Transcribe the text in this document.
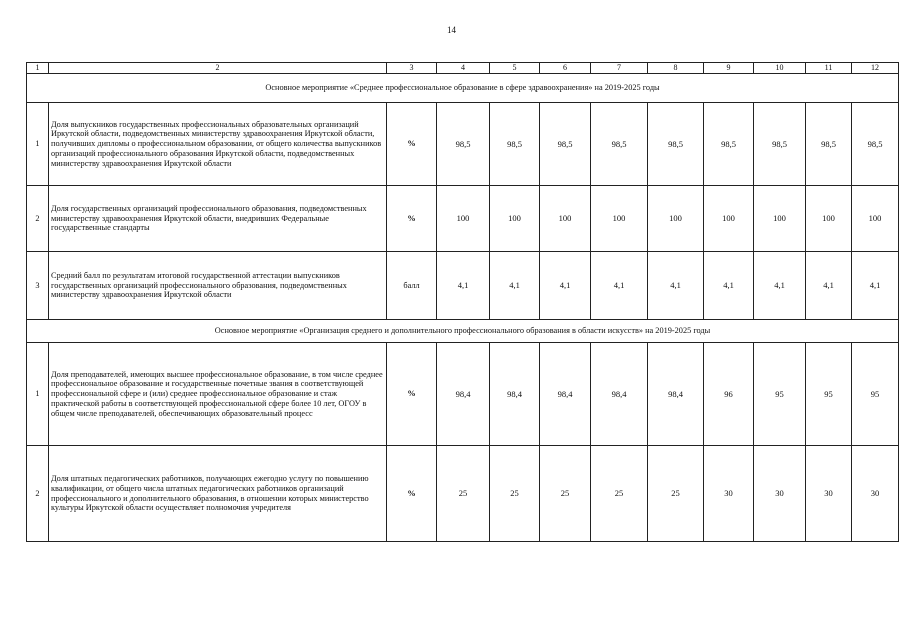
14
1	2	3	4	5	6	7	8	9	10	11	12
Основное мероприятие «Среднее профессиональное образование в сфере здравоохранения» на 2019-2025 годы											
1	Доля выпускников государственных профессиональных образовательных организаций Иркутской области, подведомственных министерству здравоохранения Иркутской области, получивших дипломы о профессиональном образовании, от общего количества выпускников организаций профессионального образования Иркутской области, подведомственных министерству здравоохранения Иркутской области	%	98,5	98,5	98,5	98,5	98,5	98,5	98,5	98,5	98,5
2	Доля государственных организаций профессионального образования, подведомственных министерству здравоохранения Иркутской области, внедривших Федеральные государственные стандарты	%	100	100	100	100	100	100	100	100	100
3	Средний балл по результатам итоговой государственной аттестации выпускников государственных организаций профессионального образования, подведомственных министерству здравоохранения Иркутской области	балл	4,1	4,1	4,1	4,1	4,1	4,1	4,1	4,1	4,1
Основное мероприятие «Организация среднего и дополнительного профессионального образования в области искусств» на 2019-2025 годы											
1	Доля преподавателей, имеющих высшее профессиональное образование, в том числе среднее профессиональное образование и государственные почетные звания в соответствующей профессиональной сфере и (или) среднее профессиональное образование и стаж практической работы в соответствующей профессиональной сфере более 10 лет, ОГОУ в общем числе преподавателей, обеспечивающих образовательный процесс	%	98,4	98,4	98,4	98,4	98,4	96	95	95	95
2	Доля штатных педагогических работников, получающих ежегодно услугу по повышению квалификации, от общего числа штатных педагогических работников организаций профессионального и дополнительного образования, в отношении которых министерство культуры Иркутской области осуществляет полномочия учредителя	%	25	25	25	25	25	30	30	30	30
